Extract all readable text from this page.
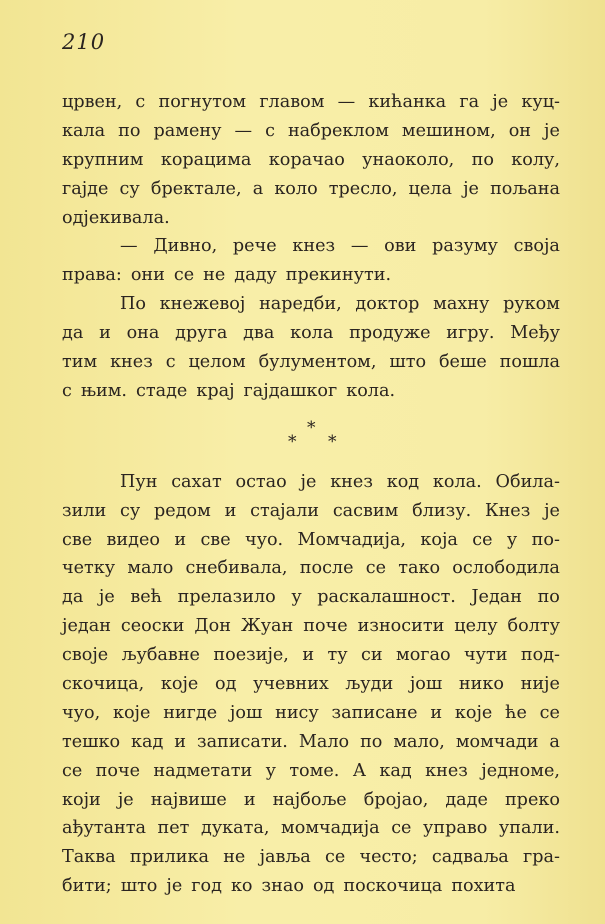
210
црвен, с погнутом главом — кићанка га је куц-
кала по рамену — с набреклом мешином, он је
крупним корацима корачао унаоколо, по колу,
гајде су бректале, а коло тресло, цела је пољана
одјекивала.
— Дивно, рече кнез — ови разуму своја
права: они се не даду прекинути.
По кнежевој наредби, доктор махну руком
да и она друга два кола продуже игру. Међу
тим кнез с целом булументом, што беше пошла
с њим. стаде крај гајдашког кола.
*
* *
Пун сахат остао је кнез код кола. Обила-
зили су редом и стајали сасвим близу. Кнез је
све видео и све чуо. Момчадија, која се у по-
четку мало снебивала, после се тако ослободила
да је већ прелазило у раскалашност. Један по
један сеоски Дон Жуан поче износити целу болту
своје љубавне поезије, и ту си могао чути под-
скочица, које од учевних људи још нико није
чуо, које нигде још нису записане и које ће се
тешко кад и записати. Мало по мало, момчади а
се поче надметати у томе. А кад кнез једноме,
који је највише и најбоље бројао, даде преко
ађутанта пет дуката, момчадија се управо упали.
Таква прилика не јавља се често; садваља гра-
бити; што је год ко знао од поскочица похита
